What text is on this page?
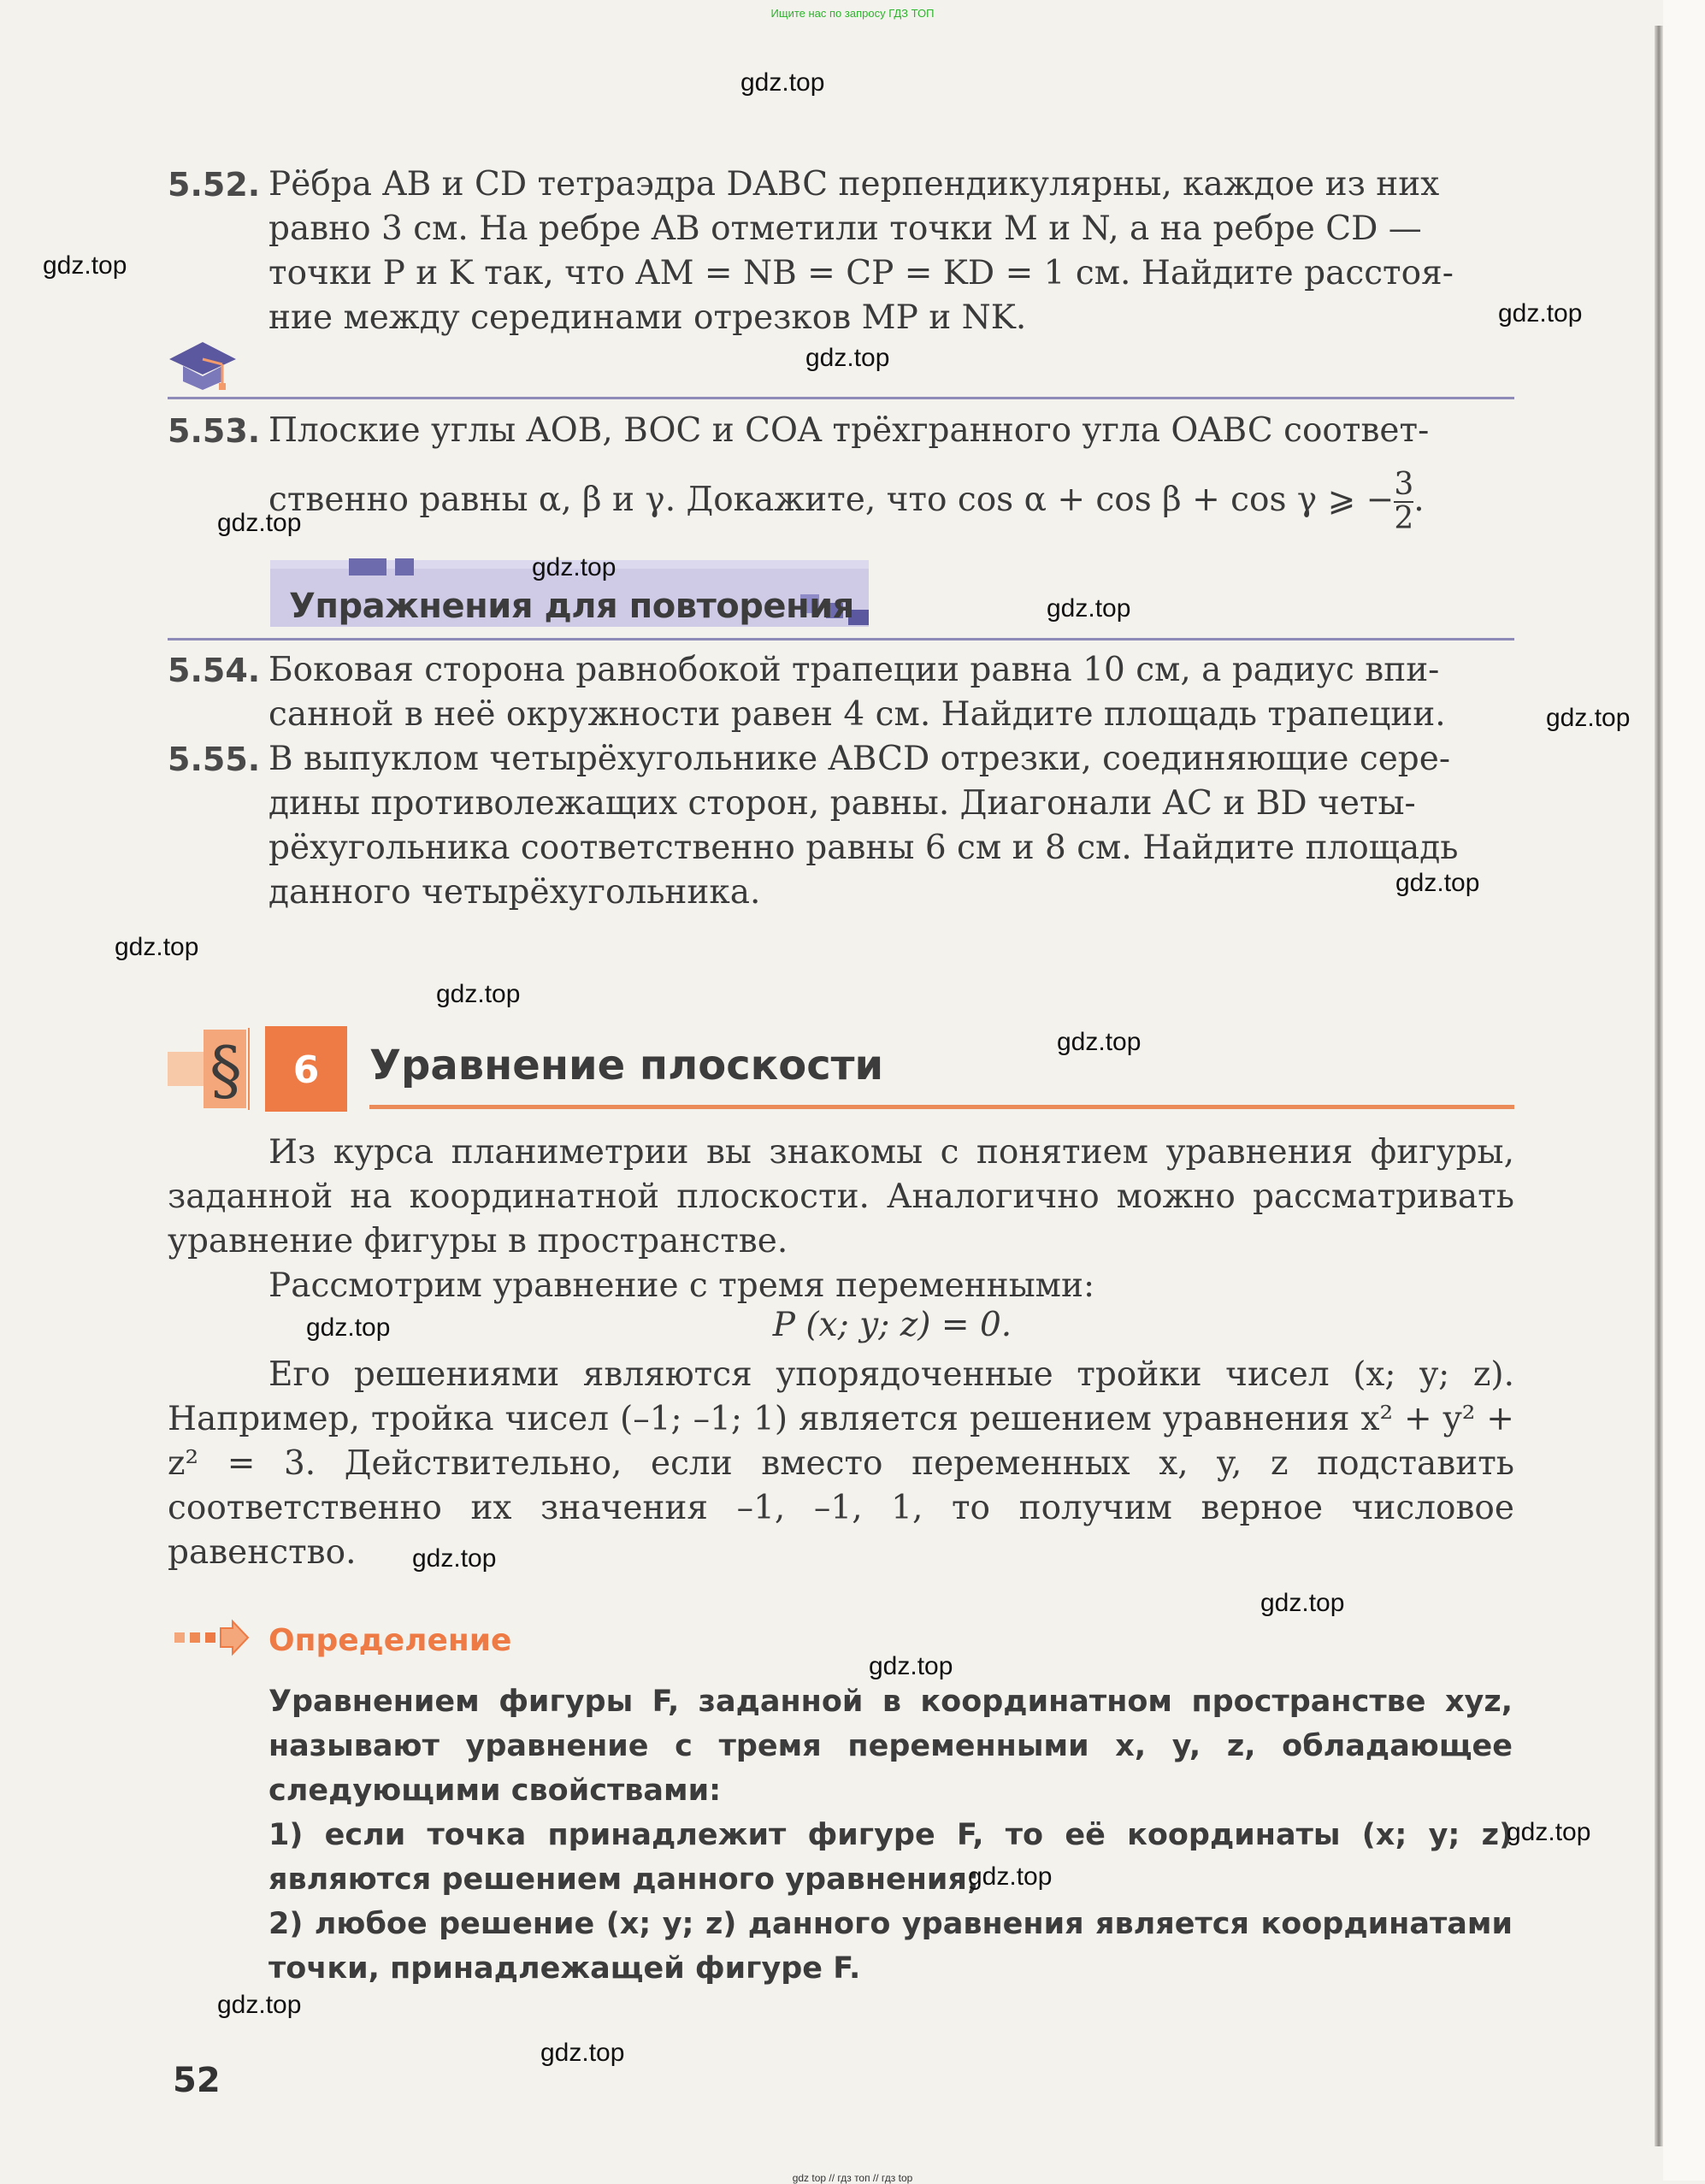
Ищите нас по запросу ГДЗ ТОП
5.52. Рёбра AB и CD тетраэдра DABC перпендикулярны, каждое из них
равно 3 см. На ребре AB отметили точки M и N, а на ребре CD —
точки P и K так, что AM = NB = CP = KD = 1 см. Найдите расстоя-
ние между серединами отрезков MP и NK.
5.53. Плоские углы AOB, BOC и COA трёхгранного угла OABC соответ-
ственно равны α, β и γ. Докажите, что cos α + cos β + cos γ ⩾ − $\frac{3}{2}$ .
Упражнения для повторения
5.54. Боковая сторона равнобокой трапеции равна 10 см, а радиус впи-
санной в неё окружности равен 4 см. Найдите площадь трапеции.
5.55. В выпуклом четырёхугольнике ABCD отрезки, соединяющие сере-
дины противолежащих сторон, равны. Диагонали AC и BD четы-
рёхугольника соответственно равны 6 см и 8 см. Найдите площадь
данного четырёхугольника.
§ 6 Уравнение плоскости
Из курса планиметрии вы знакомы с понятием уравнения фигуры, заданной на координатной плоскости. Аналогично можно рассматривать уравнение фигуры в пространстве.
Рассмотрим уравнение с тремя переменными:
P (x; y; z) = 0.
Его решениями являются упорядоченные тройки чисел (x; y; z). Например, тройка чисел (–1; –1; 1) является решением уравнения x² + y² + z² = 3. Действительно, если вместо переменных x, y, z подставить соответственно их значения –1, –1, 1, то получим верное числовое равенство.
Определение

Уравнением фигуры F, заданной в координатном пространстве xyz, называют уравнение с тремя переменными x, y, z, обладающее следующими свойствами:

1) если точка принадлежит фигуре F, то её координаты (x; y; z) являются решением данного уравнения;

2) любое решение (x; y; z) данного уравнения является координатами точки, принадлежащей фигуре F.

52
gdz.top
gdz.top
gdz.top
gdz.top
gdz.top
gdz.top
gdz.top
gdz.top
gdz.top
gdz.top
gdz.top
gdz.top
gdz.top
gdz.top
gdz.top
gdz.top
gdz.top
gdz.top
gdz.top
gdz.top
gdz top // гдз топ // гдз top
